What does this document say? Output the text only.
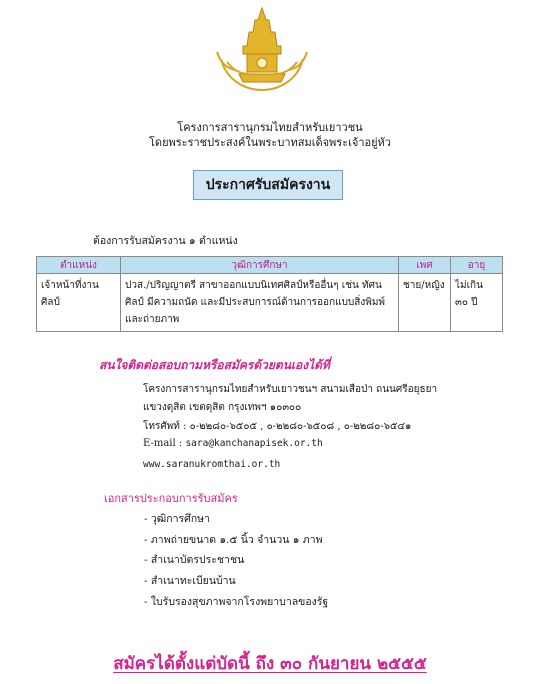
โครงการสารานุกรมไทยสำหรับเยาวชน
โดยพระราชประสงค์ในพระบาทสมเด็จพระเจ้าอยู่หัว
ประกาศรับสมัครงาน
ต้องการรับสมัครงาน ๑ ตำแหน่ง
ตำแหน่ง	วุฒิการศึกษา	เพศ	อายุ
เจ้าหน้าที่งานศิลป์	ปวส./ปริญญาตรี สาขาออกแบบนิเทศศิลป์หรืออื่นๆ เช่น ทัศนศิลป์ มีความถนัด และมีประสบการณ์ด้านการออกแบบสิ่งพิมพ์ และถ่ายภาพ	ชาย/หญิง	ไม่เกิน ๓๐ ปี
สนใจติดต่อสอบถามหรือสมัครด้วยตนเองได้ที่
โครงการสารานุกรมไทยสำหรับเยาวชนฯ สนามเสือป่า ถนนศรีอยุธยา
แขวงดุสิต เขตดุสิต กรุงเทพฯ ๑๐๓๐๐
โทรศัพท์ : ๐-๒๒๘๐-๖๕๐๕ , ๐-๒๒๘๐-๖๕๐๘ , ๐-๒๒๘๐-๖๕๔๑
E-mail : sara@kanchanapisek.or.th
www.saranukromthai.or.th
เอกสารประกอบการรับสมัคร
- วุฒิการศึกษา
- ภาพถ่ายขนาด ๑.๕ นิ้ว จำนวน ๑ ภาพ
- สำเนาบัตรประชาชน
- สำเนาทะเบียนบ้าน
- ใบรับรองสุขภาพจากโรงพยาบาลของรัฐ
สมัครได้ตั้งแต่บัดนี้ ถึง ๓๐ กันยายน ๒๕๕๕
